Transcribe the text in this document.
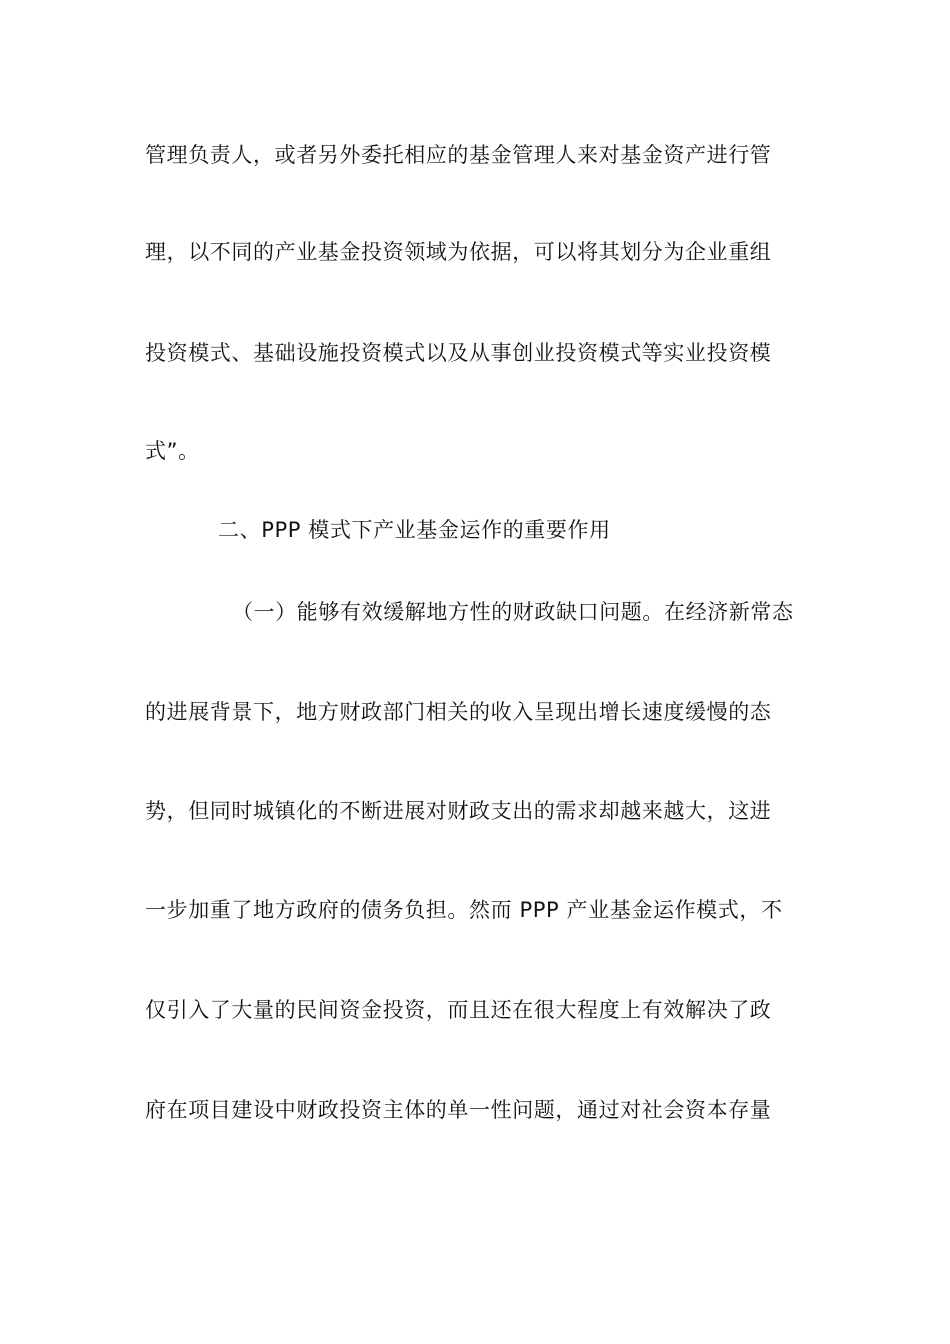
管理负责人，或者另外委托相应的基金管理人来对基金资产进行管
理，以不同的产业基金投资领域为依据，可以将其划分为企业重组
投资模式、基础设施投资模式以及从事创业投资模式等实业投资模
式”。
二、PPP 模式下产业基金运作的重要作用
（一）能够有效缓解地方性的财政缺口问题。在经济新常态
的进展背景下，地方财政部门相关的收入呈现出增长速度缓慢的态
势，但同时城镇化的不断进展对财政支出的需求却越来越大，这进
一步加重了地方政府的债务负担。然而 PPP 产业基金运作模式，不
仅引入了大量的民间资金投资，而且还在很大程度上有效解决了政
府在项目建设中财政投资主体的单一性问题，通过对社会资本存量
